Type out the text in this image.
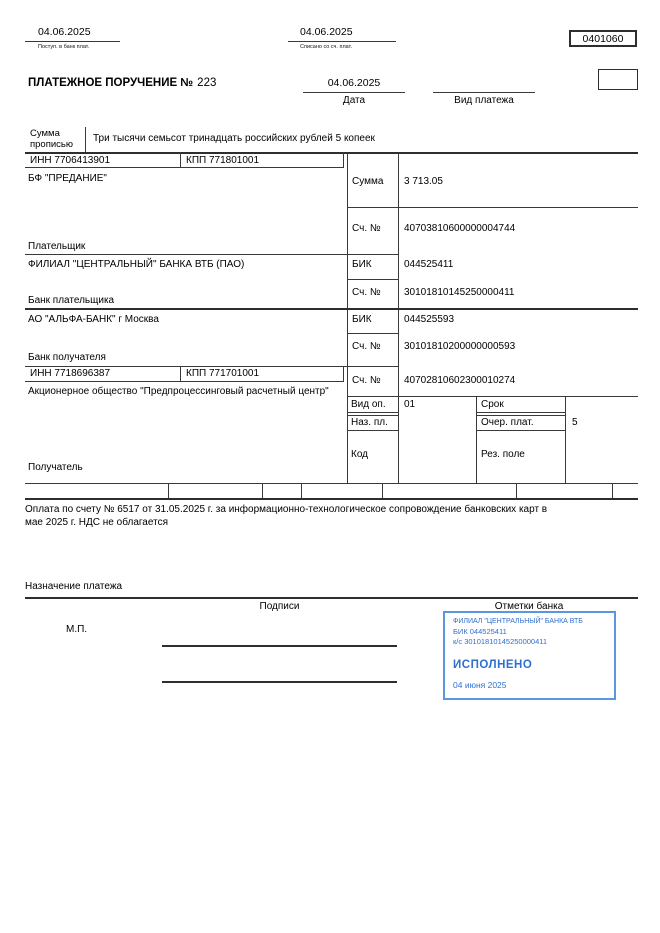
04.06.2025
Поступ. в банк плат.
04.06.2025
Списано со сч. плат.
0401060
ПЛАТЕЖНОЕ ПОРУЧЕНИЕ № 223	04.06.2025
Дата	Вид платежа
Сумма прописью
Три тысячи семьсот тринадцать российских рублей 5 копеек
ИНН 7706413901	КПП 771801001
БФ "ПРЕДАНИЕ"	Сумма 3 713.05
Сч. № 40703810600000004744
Плательщик
ФИЛИАЛ "ЦЕНТРАЛЬНЫЙ" БАНКА ВТБ (ПАО)	БИК	044525411
Сч. № 30101810145250000411
Банк плательщика
АО "АЛЬФА-БАНК" г Москва	БИК	044525593
Сч. № 30101810200000000593
Банк получателя
ИНН 7718696387	КПП 771701001
Сч. № 40702810602300010274
Акционерное общество "Предпроцессинговый расчетный центр"
Вид оп. 01	Срок
Наз. пл.	Очер. плат.	5
Код	Рез. поле
Получатель
Оплата по счету № 6517 от 31.05.2025 г. за информационно-технологическое сопровождение банковских карт в
мае 2025 г. НДС не облагается
Назначение платежа
Подписи	Отметки банка
М.П.
ФИЛИАЛ "ЦЕНТРАЛЬНЫЙ" БАНКА ВТБ
БИК 044525411
к/с 30101810145250000411
ИСПОЛНЕНО
04 июня 2025
